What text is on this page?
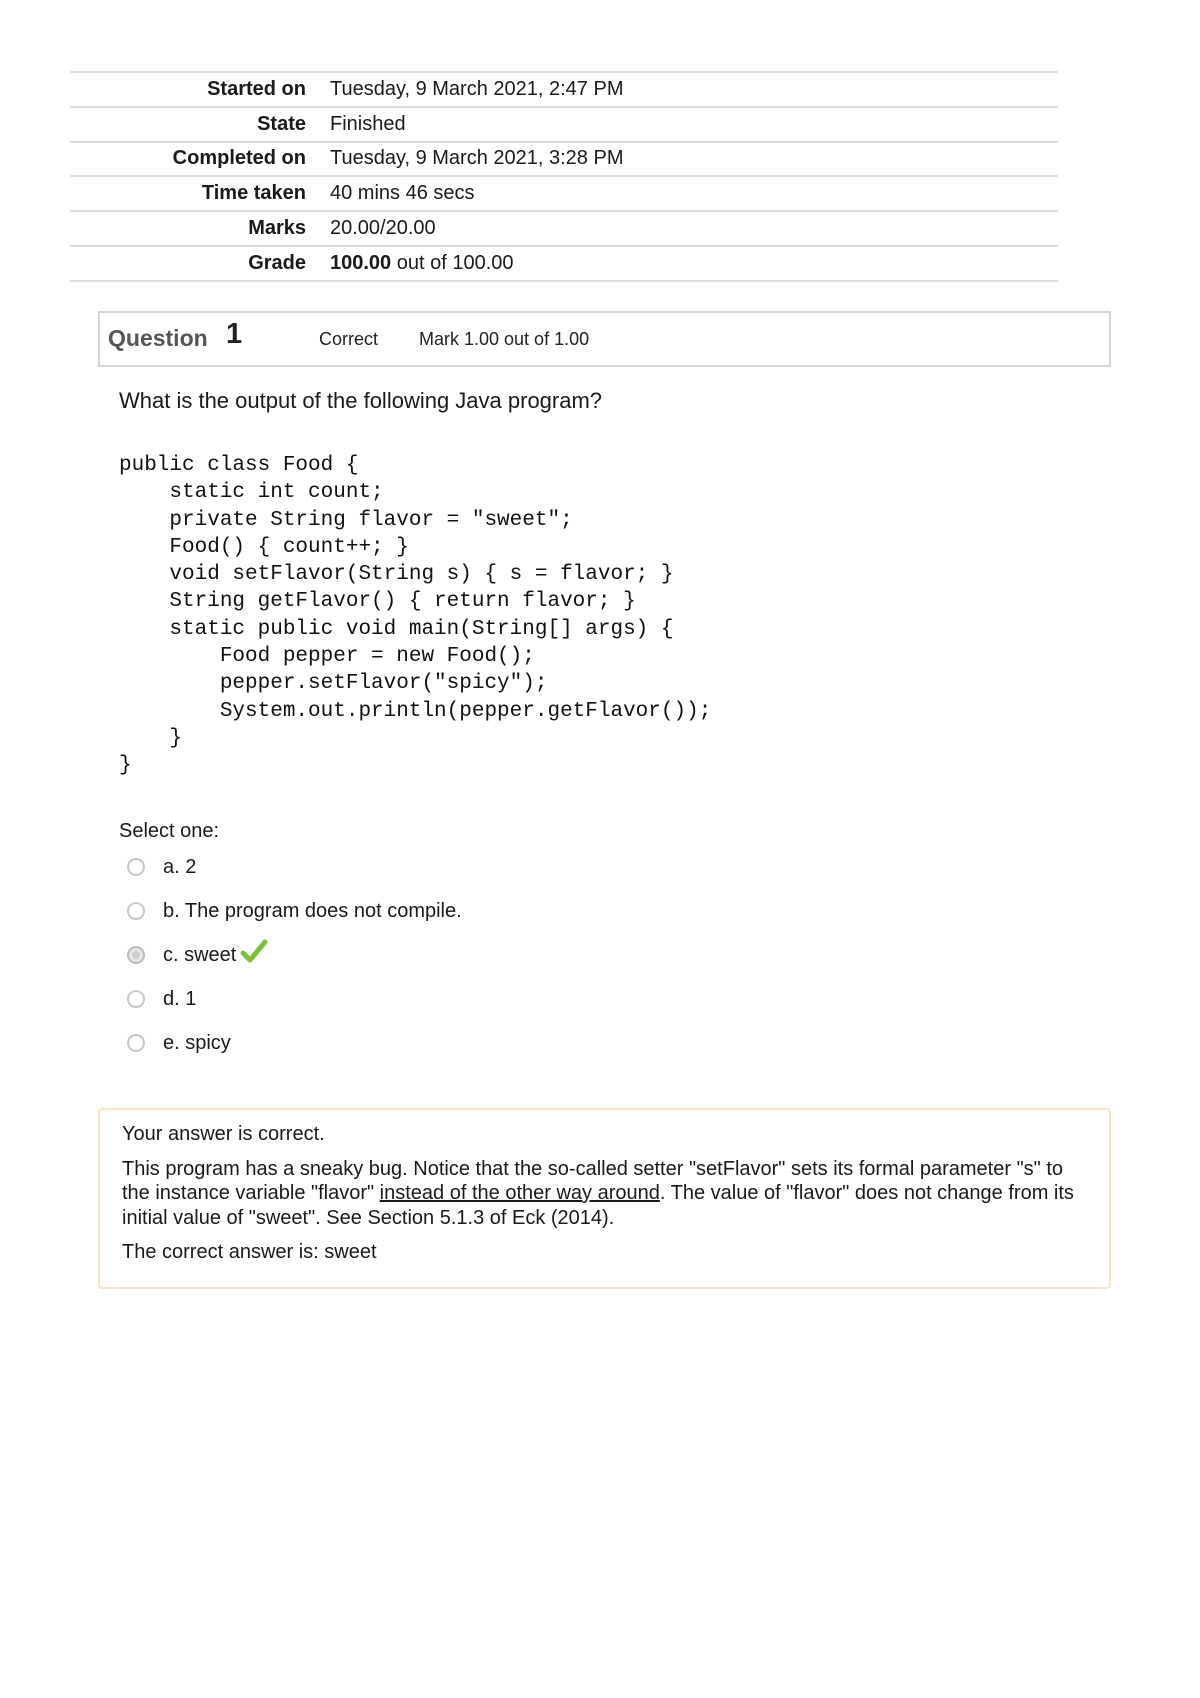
Started on	Tuesday, 9 March 2021, 2:47 PM
State	Finished
Completed on	Tuesday, 9 March 2021, 3:28 PM
Time taken	40 mins 46 secs
Marks	20.00/20.00
Grade	100.00 out of 100.00
Question 1	Correct Mark 1.00 out of 1.00
What is the output of the following Java program?
public class Food {
static int count;
private String flavor = "sweet";
Food() { count++; }
void setFlavor(String s) { s = flavor; }
String getFlavor() { return flavor; }
static public void main(String[] args) {
Food pepper = new Food();
pepper.setFlavor("spicy");
System.out.println(pepper.getFlavor());
}
}
Select one:
a. 2
b. The program does not compile.
c. sweet
d. 1
e. spicy

Your answer is correct.

This program has a sneaky bug. Notice that the so-called setter "setFlavor" sets its formal parameter "s" to the instance variable "flavor" instead of the other way around. The value of "flavor" does not change from its initial value of "sweet". See Section 5.1.3 of Eck (2014).

The correct answer is: sweet
